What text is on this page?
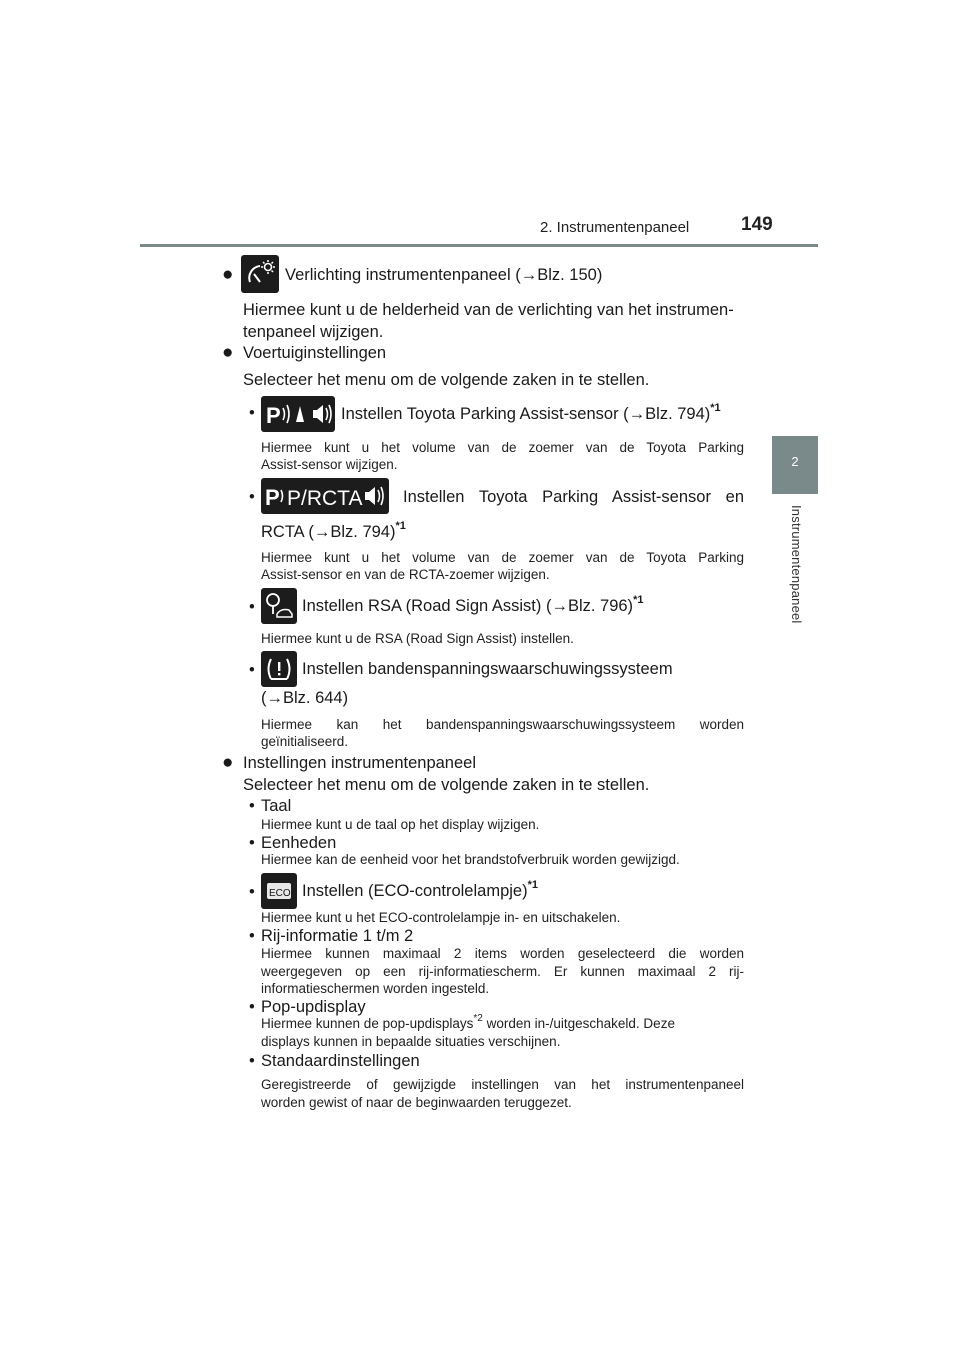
2. Instrumentenpaneel	149
2
Instrumentenpaneel
●	Verlichting instrumentenpaneel (→Blz. 150)
Hiermee kunt u de helderheid van de verlichting van het instrumen-
tenpaneel wijzigen.
● Voertuiginstellingen
Selecteer het menu om de volgende zaken in te stellen.
• P	Instellen Toyota Parking Assist-sensor (→Blz. 794)$^{*1}$
Hiermee kunt u het volume van de zoemer van de Toyota Parking
Assist-sensor wijzigen.
• P P/RCTA Instellen Toyota Parking Assist-sensor en
RCTA (→Blz. 794)$^{*1}$
Hiermee kunt u het volume van de zoemer van de Toyota Parking
Assist-sensor en van de RCTA-zoemer wijzigen.
•	Instellen RSA (Road Sign Assist) (→Blz. 796)$^{*1}$
Hiermee kunt u de RSA (Road Sign Assist) instellen.
•	Instellen bandenspanningswaarschuwingssysteem
(→Blz. 644)
Hiermee kan het bandenspanningswaarschuwingssysteem worden
geïnitialiseerd.
● Instellingen instrumentenpaneel
Selecteer het menu om de volgende zaken in te stellen.
• Taal
Hiermee kunt u de taal op het display wijzigen.
• Eenheden
Hiermee kan de eenheid voor het brandstofverbruik worden gewijzigd.
• ECO Instellen (ECO-controlelampje)$^{*1}$
Hiermee kunt u het ECO-controlelampje in- en uitschakelen.
• Rij-informatie 1 t/m 2
Hiermee kunnen maximaal 2 items worden geselecteerd die worden
weergegeven op een rij-informatiescherm. Er kunnen maximaal 2 rij-
informatieschermen worden ingesteld.
• Pop-updisplay
Hiermee kunnen de pop-updisplays$^{*2}$ worden in-/uitgeschakeld. Deze
displays kunnen in bepaalde situaties verschijnen.
• Standaardinstellingen
Geregistreerde of gewijzigde instellingen van het instrumentenpaneel
worden gewist of naar de beginwaarden teruggezet.
